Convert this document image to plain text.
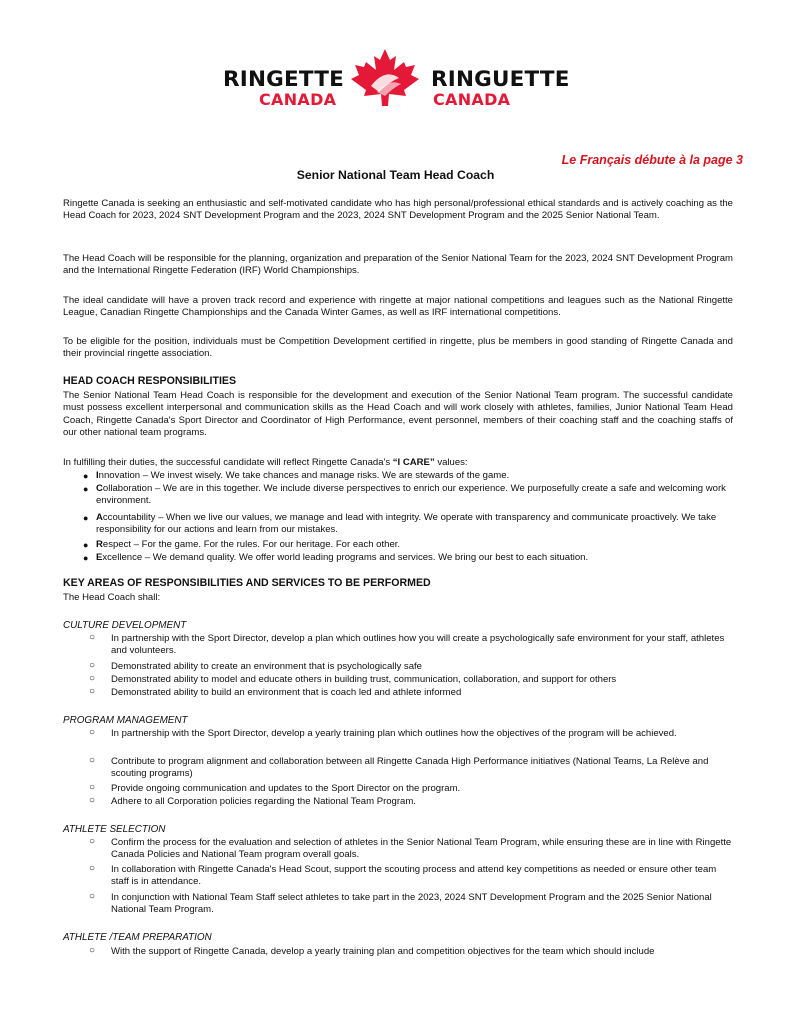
RINGETTE
CANADA
RINGUETTE
CANADA
Le Français débute à la page 3
Senior National Team Head Coach
Ringette Canada is seeking an enthusiastic and self-motivated candidate who has high personal/professional ethical standards and is actively coaching as the Head Coach for 2023, 2024 SNT Development Program and the 2023, 2024 SNT Development Program and the 2025 Senior National Team.
The Head Coach will be responsible for the planning, organization and preparation of the Senior National Team for the 2023, 2024 SNT Development Program and the International Ringette Federation (IRF) World Championships.
The ideal candidate will have a proven track record and experience with ringette at major national competitions and leagues such as the National Ringette League, Canadian Ringette Championships and the Canada Winter Games, as well as IRF international competitions.
To be eligible for the position, individuals must be Competition Development certified in ringette, plus be members in good standing of Ringette Canada and their provincial ringette association.
HEAD COACH RESPONSIBILITIES
The Senior National Team Head Coach is responsible for the development and execution of the Senior National Team program. The successful candidate must possess excellent interpersonal and communication skills as the Head Coach and will work closely with athletes, families, Junior National Team Head Coach, Ringette Canada's Sport Director and Coordinator of High Performance, event personnel, members of their coaching staff and the coaching staffs of our other national team programs.
In fulfilling their duties, the successful candidate will reflect Ringette Canada's “I CARE” values:
● Innovation – We invest wisely. We take chances and manage risks. We are stewards of the game.
● Collaboration – We are in this together. We include diverse perspectives to enrich our experience. We purposefully create a safe and welcoming work environment.
● Accountability – When we live our values, we manage and lead with integrity. We operate with transparency and communicate proactively. We take responsibility for our actions and learn from our mistakes.
● Respect – For the game. For the rules. For our heritage. For each other.
● Excellence – We demand quality. We offer world leading programs and services. We bring our best to each situation.
KEY AREAS OF RESPONSIBILITIES AND SERVICES TO BE PERFORMED
The Head Coach shall:
CULTURE DEVELOPMENT
○ In partnership with the Sport Director, develop a plan which outlines how you will create a psychologically safe environment for your staff, athletes and volunteers.
○ Demonstrated ability to create an environment that is psychologically safe
○ Demonstrated ability to model and educate others in building trust, communication, collaboration, and support for others
○ Demonstrated ability to build an environment that is coach led and athlete informed
PROGRAM MANAGEMENT
○ In partnership with the Sport Director, develop a yearly training plan which outlines how the objectives of the program will be achieved.
○ Contribute to program alignment and collaboration between all Ringette Canada High Performance initiatives (National Teams, La Relève and scouting programs)
○ Provide ongoing communication and updates to the Sport Director on the program.
○ Adhere to all Corporation policies regarding the National Team Program.
ATHLETE SELECTION
○ Confirm the process for the evaluation and selection of athletes in the Senior National Team Program, while ensuring these are in line with Ringette Canada Policies and National Team program overall goals.
○ In collaboration with Ringette Canada's Head Scout, support the scouting process and attend key competitions as needed or ensure other team staff is in attendance.
○ In conjunction with National Team Staff select athletes to take part in the 2023, 2024 SNT Development Program and the 2025 Senior National National Team Program.
ATHLETE /TEAM PREPARATION
○ With the support of Ringette Canada, develop a yearly training plan and competition objectives for the team which should include
